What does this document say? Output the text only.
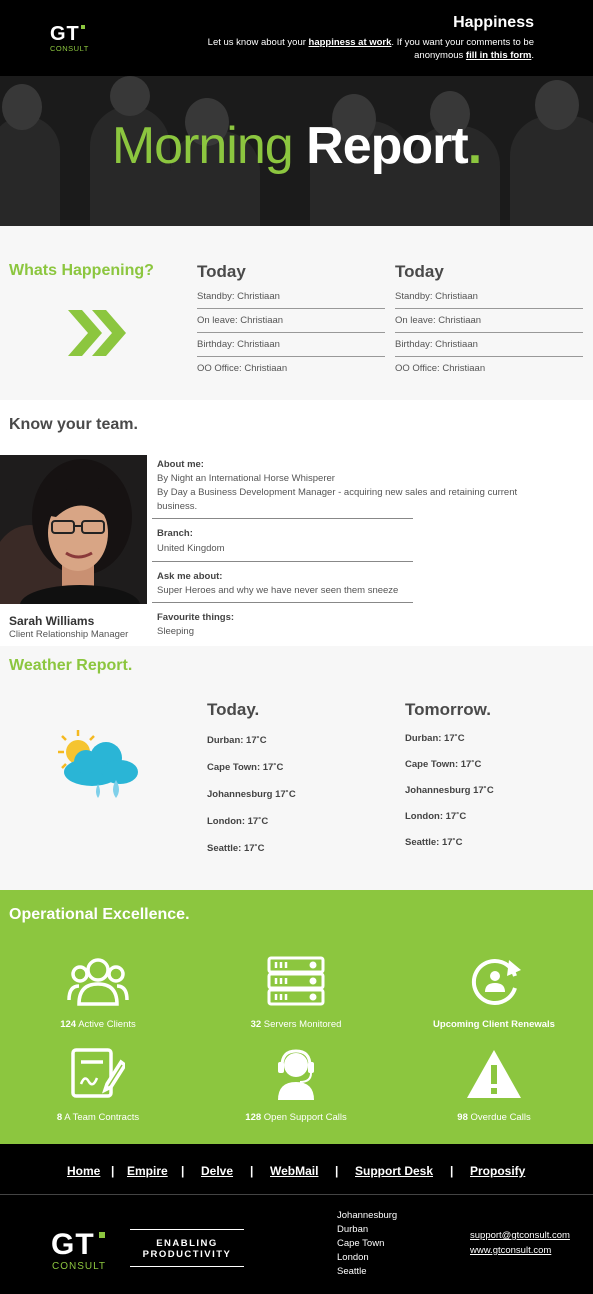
GT
CONSULT
Happiness
Let us know about your happiness at work. If you want your comments to be anonymous fill in this form.
Morning Report.
Whats Happening?	Today
Standby: Christiaan
On leave: Christiaan
Birthday: Christiaan
OO Office: Christiaan
Today
Standby: Christiaan
On leave: Christiaan
Birthday: Christiaan
OO Office: Christiaan
Know your team.
Sarah Williams
Client Relationship Manager
About me:
By Night an International Horse Whisperer
By Day a Business Development Manager - acquiring new sales and retaining current business.
Branch:
United Kingdom
Ask me about:
Super Heroes and why we have never seen them sneeze
Favourite things:
Sleeping
Weather Report.
Today.
Durban: 17˚C
Cape Town: 17˚C
Johannesburg 17˚C
London: 17˚C
Seattle: 17˚C
Tomorrow.
Durban: 17˚C
Cape Town: 17˚C
Johannesburg 17˚C
London: 17˚C
Seattle: 17˚C
Operational Excellence.
124 Active Clients	32 Servers Monitored	Upcoming Client Renewals
8 A Team Contracts	128 Open Support Calls	98 Overdue Calls
Home | Empire | Delve | WebMail | Support Desk | Proposify
GT
CONSULT
ENABLING
PRODUCTIVITY
Johannesburg
Durban
Cape Town
London
Seattle
support@gtconsult.com
www.gtconsult.com
